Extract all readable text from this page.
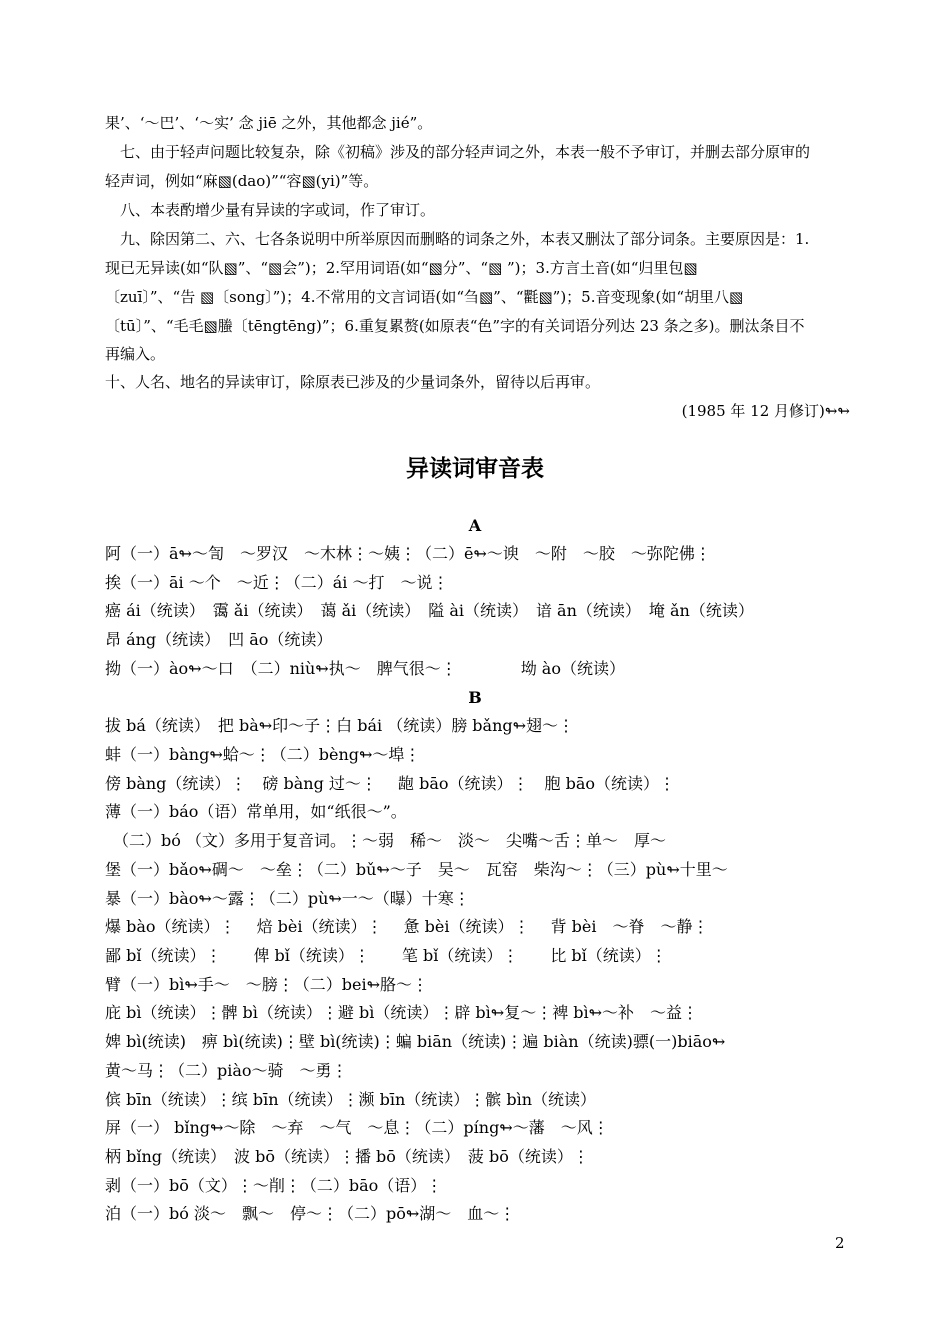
果’、‘～巴’、‘～实’ 念 jiē 之外，其他都念 jié”。
　七、由于轻声问题比较复杂，除《初稿》涉及的部分轻声词之外，本表一般不予审订，并删去部分原审的
轻声词，例如“麻▧(dao)”“容▧(yi)”等。
　八、本表酌增少量有异读的字或词，作了审订。
　九、除因第二、六、七各条说明中所举原因而删略的词条之外，本表又删汰了部分词条。主要原因是：1.
现已无异读(如“队▧”、“▧会”)；2.罕用词语(如“▧分”、“▧ ”)；3.方言土音(如“归里包▧
〔zuī〕”、“告 ▧〔song〕”)；4.不常用的文言词语(如“刍▧”、“氍▧”)；5.音变现象(如“胡里八▧
〔tū〕”、“毛毛▧螣〔tēngtēng)”；6.重复累赘(如原表“色”字的有关词语分列达 23 条之多)。删汰条目不
再编入。
十、人名、地名的异读审订，除原表已涉及的少量词条外，留待以后再审。
(1985 年 12 月修订)↬↬
异读词审音表
A
阿（一）ā↬～訇　～罗汉　～木林⋮～姨⋮（二）ē↬～谀　～附　～胶　～弥陀佛⋮
挨（一）āi ～个　～近⋮（二）ái ～打　～说⋮
癌 ái（统读）　霭 ǎi（统读）　蔼 ǎi（统读）　隘 ài（统读）　谙 ān（统读）　埯 ǎn（统读）
昂 áng（统读）　凹 āo（统读）
拗（一）ào↬～口　（二）niù↬执～　脾气很～⋮　　　　坳 ào（统读）
B
拔 bá（统读）　把 bà↬印～子⋮白 bái （统读）膀 bǎng↬翅～⋮
蚌（一）bàng↬蛤～⋮（二）bèng↬～埠⋮
傍 bàng（统读）⋮　磅 bàng 过～⋮　 龅 bāo（统读）⋮　胞 bāo（统读）⋮
薄（一）báo（语）常单用，如“纸很～”。
　（二）bó （文）多用于复音词。⋮～弱　稀～　淡～　尖嘴～舌⋮单～　厚～
堡（一）bǎo↬碉～　～垒⋮（二）bǔ↬～子　吴～　瓦窑　柴沟～⋮（三）pù↬十里～
暴（一）bào↬～露⋮（二）pù↬一～（曝）十寒⋮
爆 bào（统读）⋮　 焙 bèi（统读）⋮　 惫 bèi（统读）⋮　 背 bèi　～脊　～静⋮
鄙 bǐ（统读）⋮　　俾 bǐ（统读）⋮　　笔 bǐ（统读）⋮　　比 bǐ（统读）⋮
臂（一）bì↬手～　～膀⋮（二）bei↬胳～⋮
庇 bì（统读）⋮髀 bì（统读）⋮避 bì（统读）⋮辟 bì↬复～⋮裨 bì↬～补　～益⋮
婢 bì(统读)　痹 bì(统读)⋮壁 bì(统读)⋮蝙 biān（统读)⋮遍 biàn（统读)骠(一)biāo↬
黄～马⋮（二）piào～骑　～勇⋮
傧 bīn（统读）⋮缤 bīn（统读）⋮濒 bīn（统读）⋮髌 bìn（统读）
屏（一） bǐng↬～除　～弃　～气　～息⋮（二）píng↬～藩　～风⋮
柄 bǐng（统读）　波 bō（统读）⋮播 bō（统读）　菠 bō（统读）⋮
剥（一）bō（文）⋮～削⋮（二）bāo（语）⋮
泊（一）bó 淡～　飘～　停～⋮（二）pō↬湖～　血～⋮
2
